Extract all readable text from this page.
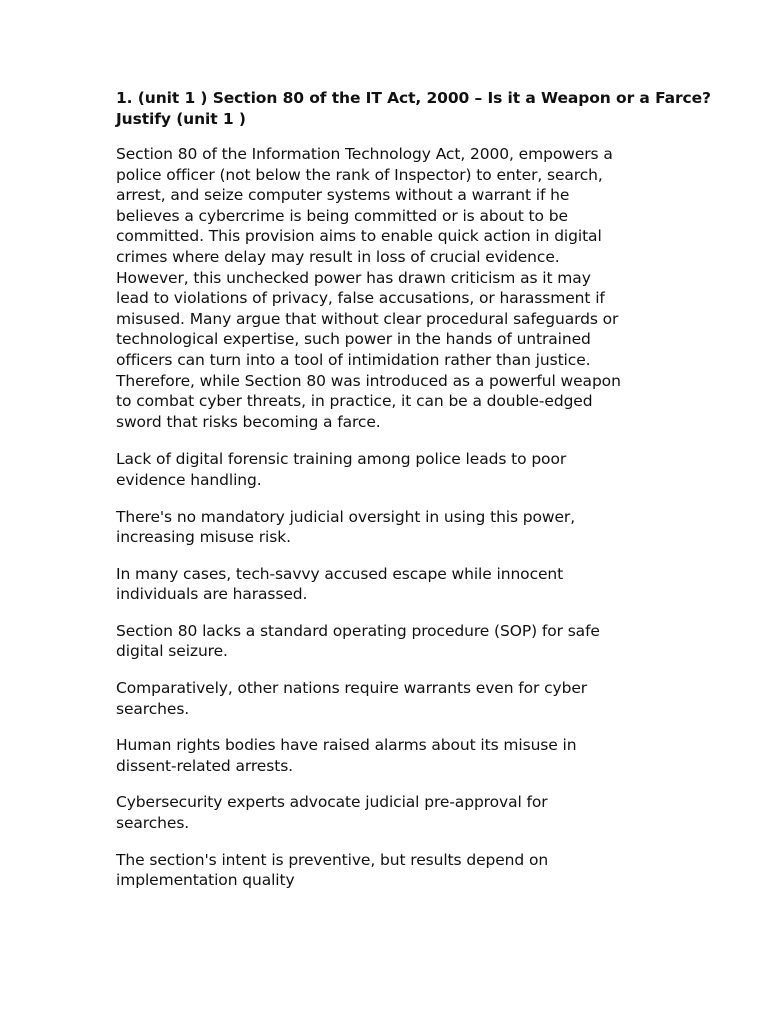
1. (unit 1 ) Section 80 of the IT Act, 2000 – Is it a Weapon or a Farce?
Justify (unit 1 )
Section 80 of the Information Technology Act, 2000, empowers a
police officer (not below the rank of Inspector) to enter, search,
arrest, and seize computer systems without a warrant if he
believes a cybercrime is being committed or is about to be
committed. This provision aims to enable quick action in digital
crimes where delay may result in loss of crucial evidence.
However, this unchecked power has drawn criticism as it may
lead to violations of privacy, false accusations, or harassment if
misused. Many argue that without clear procedural safeguards or
technological expertise, such power in the hands of untrained
officers can turn into a tool of intimidation rather than justice.
Therefore, while Section 80 was introduced as a powerful weapon
to combat cyber threats, in practice, it can be a double-edged
sword that risks becoming a farce.
Lack of digital forensic training among police leads to poor
evidence handling.
There's no mandatory judicial oversight in using this power,
increasing misuse risk.
In many cases, tech-savvy accused escape while innocent
individuals are harassed.
Section 80 lacks a standard operating procedure (SOP) for safe
digital seizure.
Comparatively, other nations require warrants even for cyber
searches.
Human rights bodies have raised alarms about its misuse in
dissent-related arrests.
Cybersecurity experts advocate judicial pre-approval for
searches.
The section's intent is preventive, but results depend on
implementation quality
